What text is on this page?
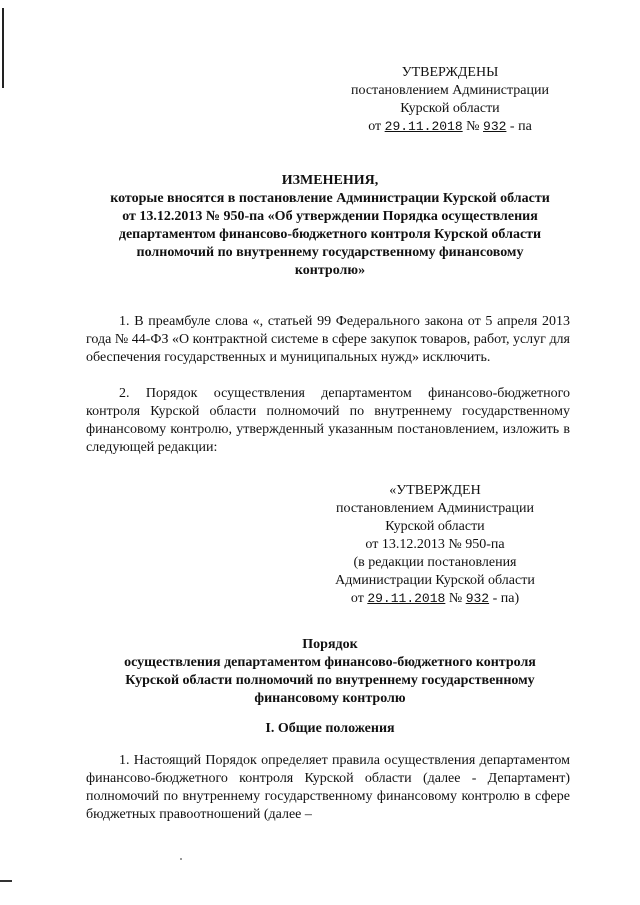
УТВЕРЖДЕНЫ
постановлением Администрации
Курской области
от 29.11.2018 № 932 - па
ИЗМЕНЕНИЯ,
которые вносятся в постановление Администрации Курской области
от 13.12.2013 № 950-па «Об утверждении Порядка осуществления
департаментом финансово-бюджетного контроля Курской области
полномочий по внутреннему государственному финансовому
контролю»
1. В преамбуле слова «, статьей 99 Федерального закона от 5 апреля 2013 года № 44-ФЗ «О контрактной системе в сфере закупок товаров, работ, услуг для обеспечения государственных и муниципальных нужд» исключить.
2. Порядок осуществления департаментом финансово-бюджетного контроля Курской области полномочий по внутреннему государственному финансовому контролю, утвержденный указанным постановлением, изложить в следующей редакции:
«УТВЕРЖДЕН
постановлением Администрации
Курской области
от 13.12.2013 № 950-па
(в редакции постановления
Администрации Курской области
от 29.11.2018 № 932 - па)
Порядок
осуществления департаментом финансово-бюджетного контроля
Курской области полномочий по внутреннему государственному
финансовому контролю
I. Общие положения
1. Настоящий Порядок определяет правила осуществления департаментом финансово-бюджетного контроля Курской области (далее - Департамент) полномочий по внутреннему государственному финансовому контролю в сфере бюджетных правоотношений (далее –
